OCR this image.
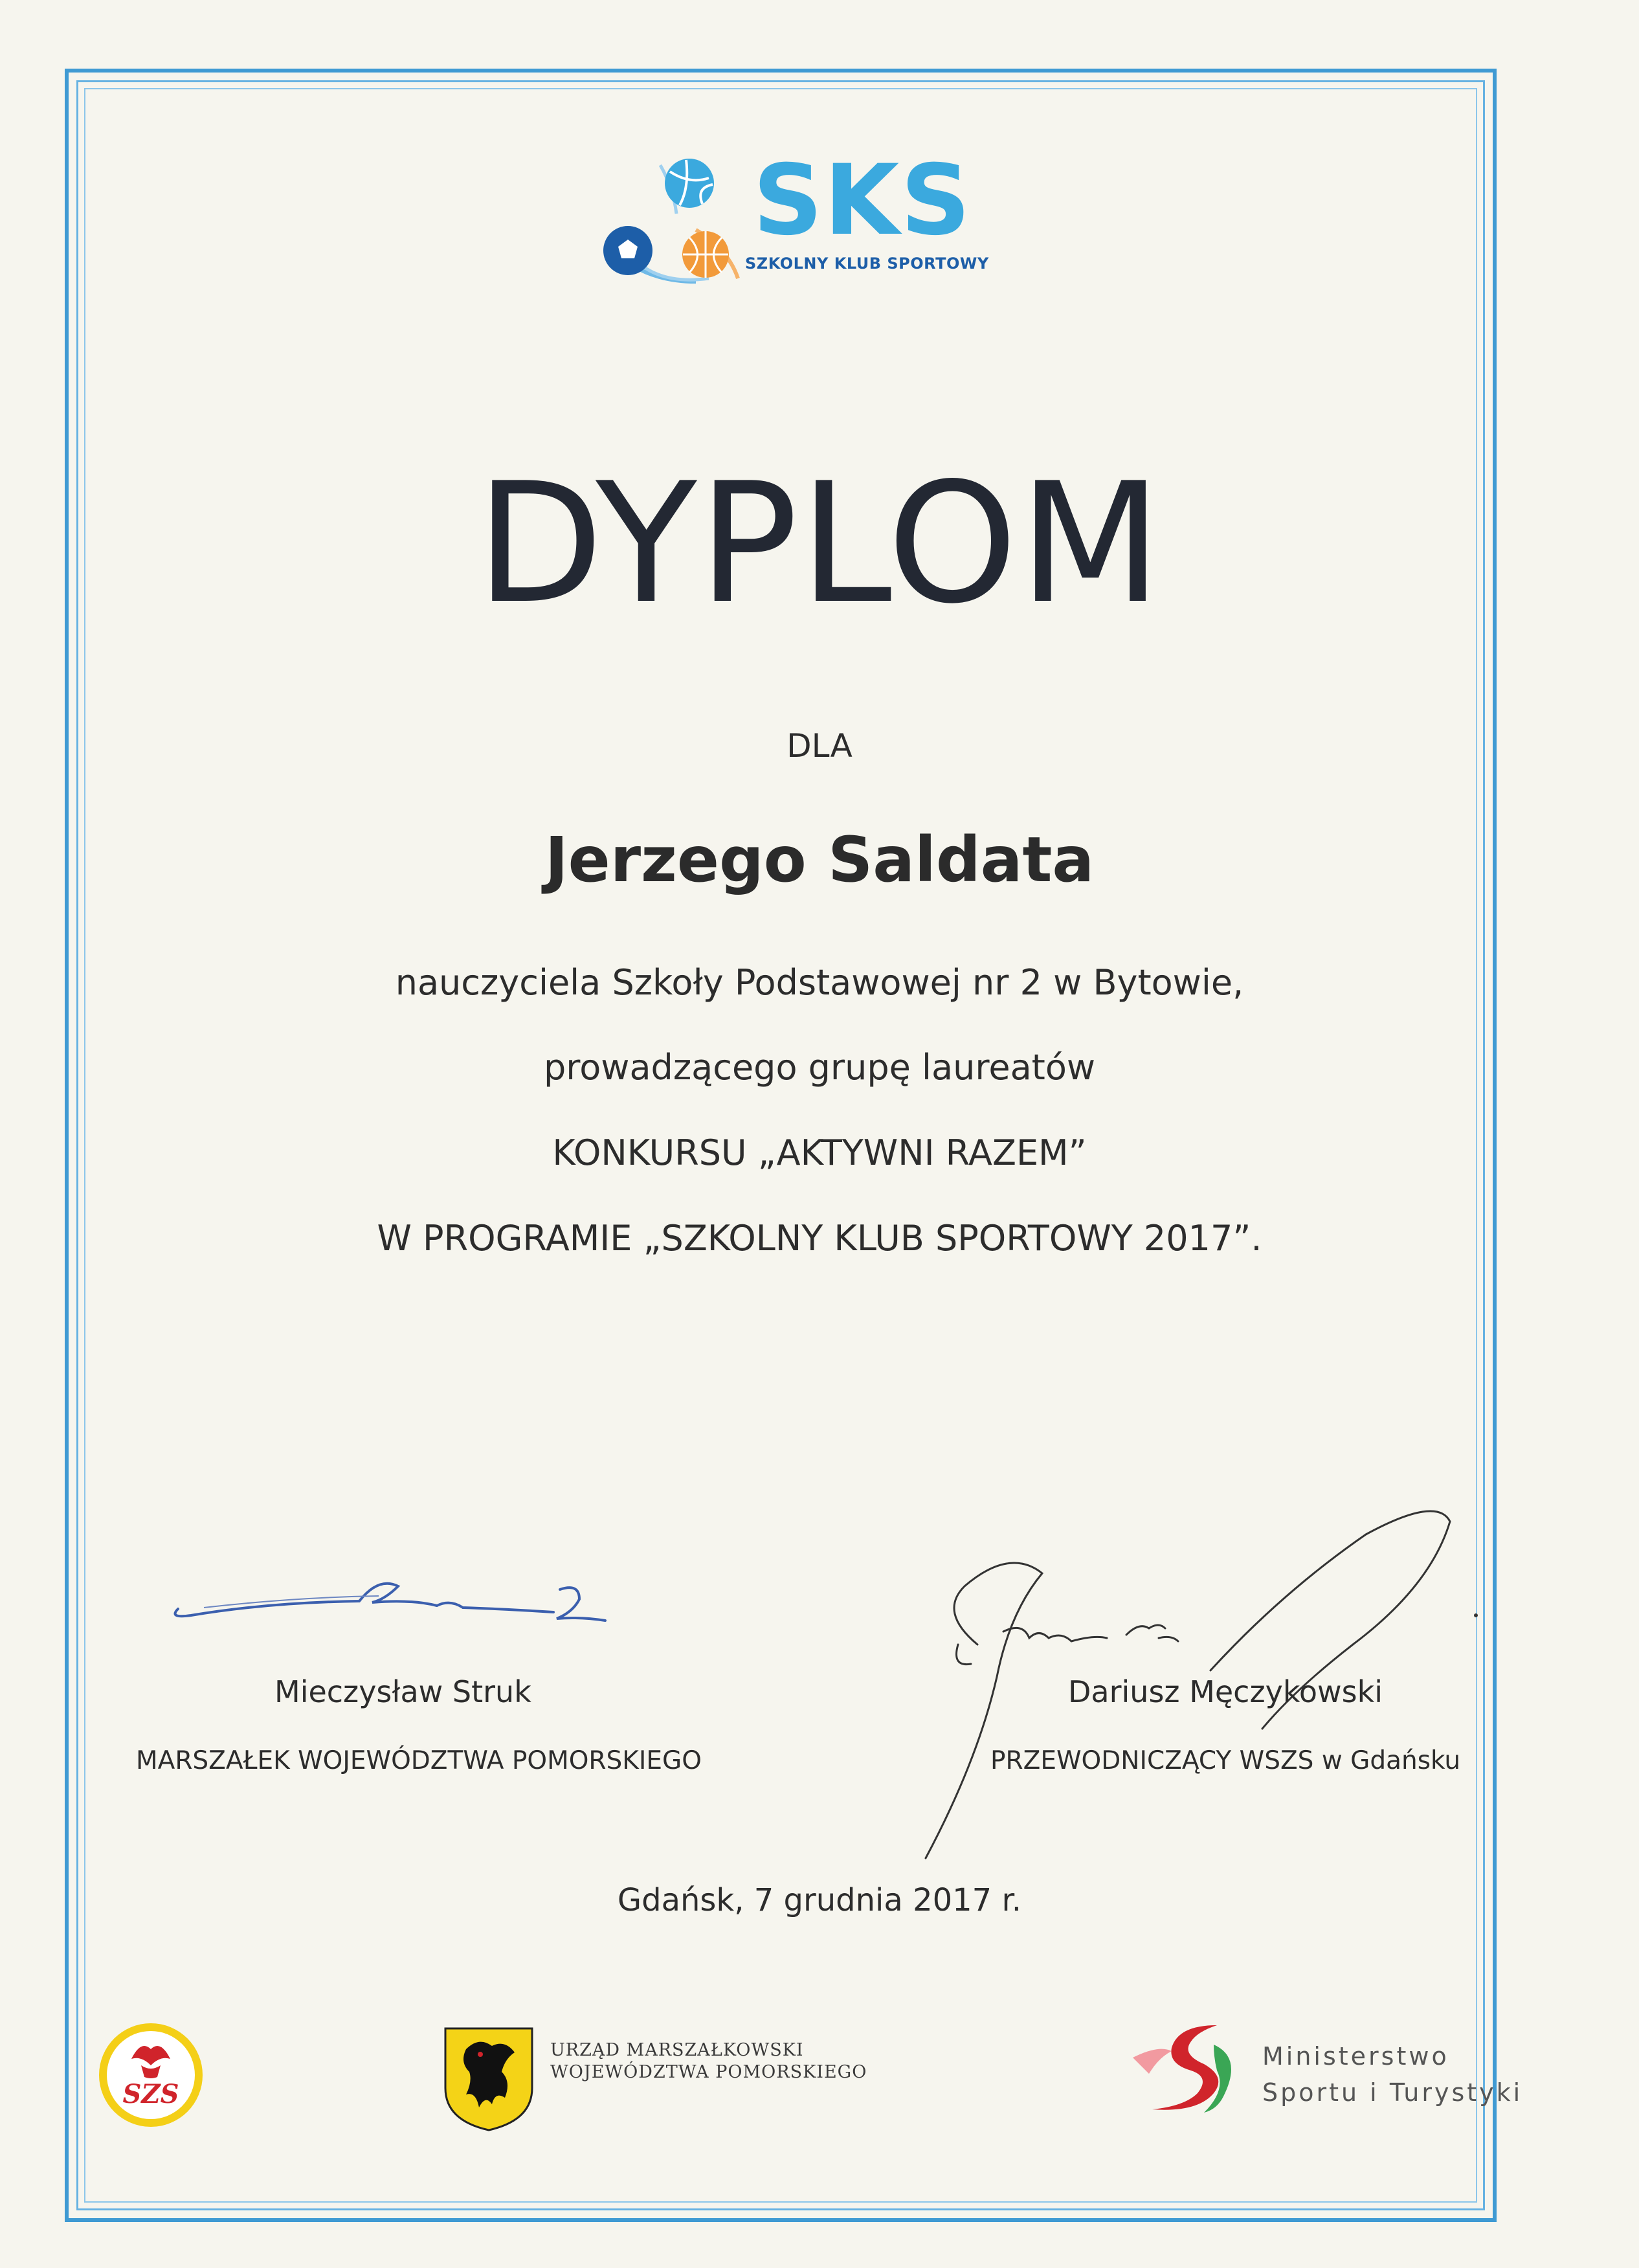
SKS
SZKOLNY KLUB SPORTOWY
DYPLOM
DLA
Jerzego Saldata
nauczyciela Szkoły Podstawowej nr 2 w Bytowie,
prowadzącego grupę laureatów
KONKURSU „AKTYWNI RAZEM”
W PROGRAMIE „SZKOLNY KLUB SPORTOWY 2017”.
Mieczysław Struk
MARSZAŁEK WOJEWÓDZTWA POMORSKIEGO
Dariusz Męczykowski
PRZEWODNICZĄCY WSZS w Gdańsku
Gdańsk, 7 grudnia 2017 r.
SZS
URZĄD MARSZAŁKOWSKI
WOJEWÓDZTWA POMORSKIEGO
Ministerstwo
Sportu i Turystyki
